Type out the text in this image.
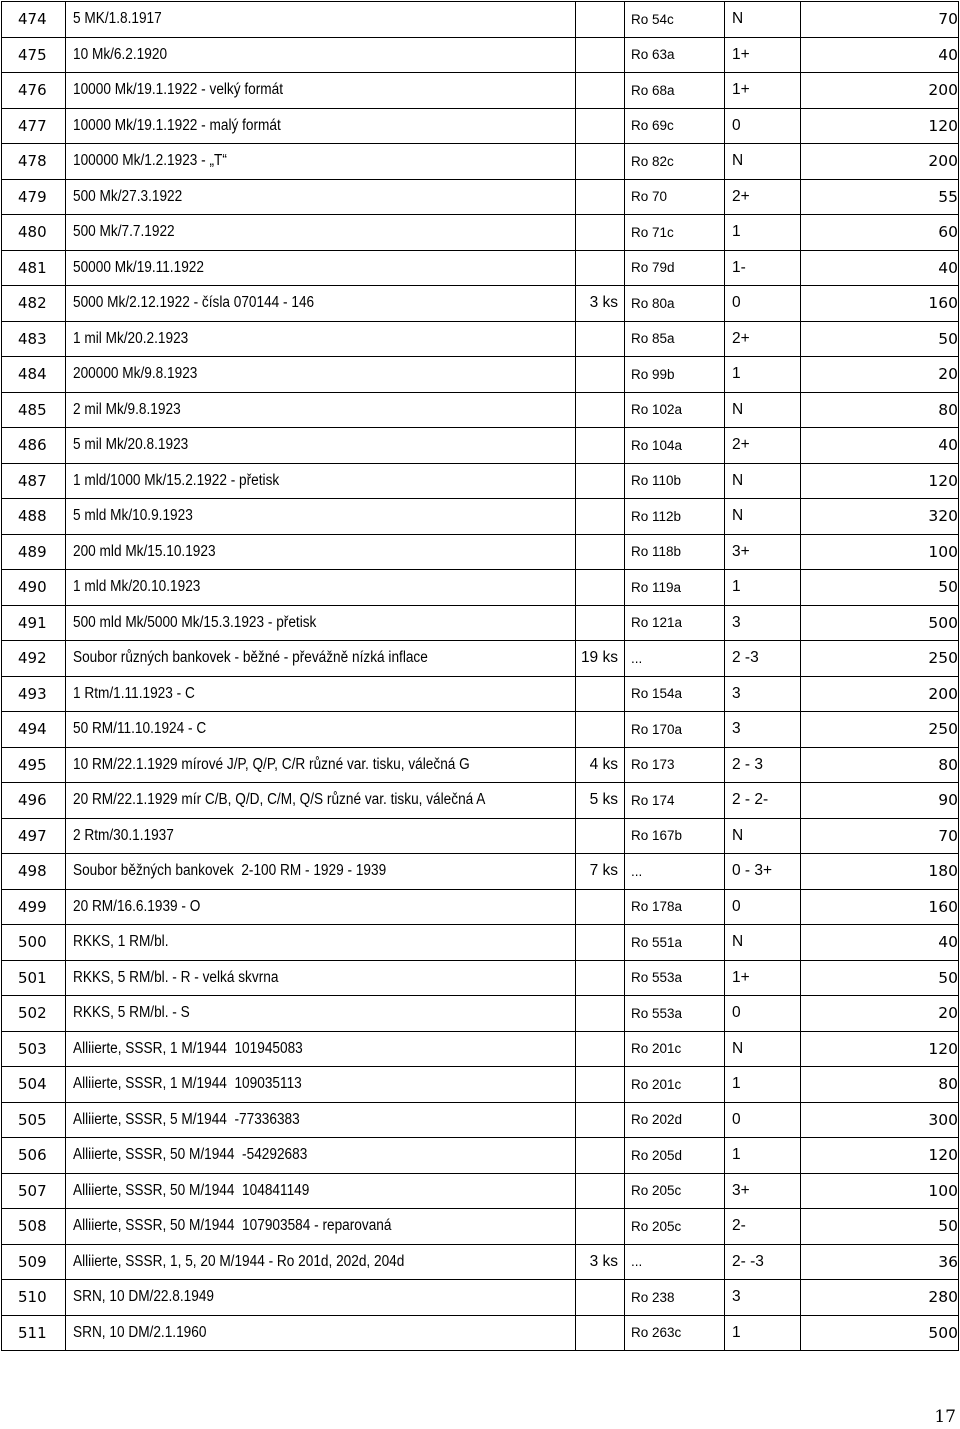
474	5 MK/1.8.1917		Ro 54c	N	70
475	10 Mk/6.2.1920		Ro 63a	1+	40
476	10000 Mk/19.1.1922 - velký formát		Ro 68a	1+	200
477	10000 Mk/19.1.1922 - malý formát		Ro 69c	0	120
478	100000 Mk/1.2.1923 - „T“		Ro 82c	N	200
479	500 Mk/27.3.1922		Ro 70	2+	55
480	500 Mk/7.7.1922		Ro 71c	1	60
481	50000 Mk/19.11.1922		Ro 79d	1-	40
482	5000 Mk/2.12.1922 - čísla 070144 - 146	3 ks	Ro 80a	0	160
483	1 mil Mk/20.2.1923		Ro 85a	2+	50
484	200000 Mk/9.8.1923		Ro 99b	1	20
485	2 mil Mk/9.8.1923		Ro 102a	N	80
486	5 mil Mk/20.8.1923		Ro 104a	2+	40
487	1 mld/1000 Mk/15.2.1922 - přetisk		Ro 110b	N	120
488	5 mld Mk/10.9.1923		Ro 112b	N	320
489	200 mld Mk/15.10.1923		Ro 118b	3+	100
490	1 mld Mk/20.10.1923		Ro 119a	1	50
491	500 mld Mk/5000 Mk/15.3.1923 - přetisk		Ro 121a	3	500
492	Soubor různých bankovek - běžné - převážně nízká inflace	19 ks	...	2 -3	250
493	1 Rtm/1.11.1923 - C		Ro 154a	3	200
494	50 RM/11.10.1924 - C		Ro 170a	3	250
495	10 RM/22.1.1929 mírové J/P, Q/P, C/R různé var. tisku, válečná G	4 ks	Ro 173	2 - 3	80
496	20 RM/22.1.1929 mír C/B, Q/D, C/M, Q/S různé var. tisku, válečná A	5 ks	Ro 174	2 - 2-	90
497	2 Rtm/30.1.1937		Ro 167b	N	70
498	Soubor běžných bankovek  2-100 RM - 1929 - 1939	7 ks	...	0 - 3+	180
499	20 RM/16.6.1939 - O		Ro 178a	0	160
500	RKKS, 1 RM/bl.		Ro 551a	N	40
501	RKKS, 5 RM/bl. - R - velká skvrna		Ro 553a	1+	50
502	RKKS, 5 RM/bl. - S		Ro 553a	0	20
503	Alliierte, SSSR, 1 M/1944  101945083		Ro 201c	N	120
504	Alliierte, SSSR, 1 M/1944  109035113		Ro 201c	1	80
505	Alliierte, SSSR, 5 M/1944  -77336383		Ro 202d	0	300
506	Alliierte, SSSR, 50 M/1944  -54292683		Ro 205d	1	120
507	Alliierte, SSSR, 50 M/1944  104841149		Ro 205c	3+	100
508	Alliierte, SSSR, 50 M/1944  107903584 - reparovaná		Ro 205c	2-	50
509	Alliierte, SSSR, 1, 5, 20 M/1944 - Ro 201d, 202d, 204d	3 ks	...	2- -3	36
510	SRN, 10 DM/22.8.1949		Ro 238	3	280
511	SRN, 10 DM/2.1.1960		Ro 263c	1	500
17
